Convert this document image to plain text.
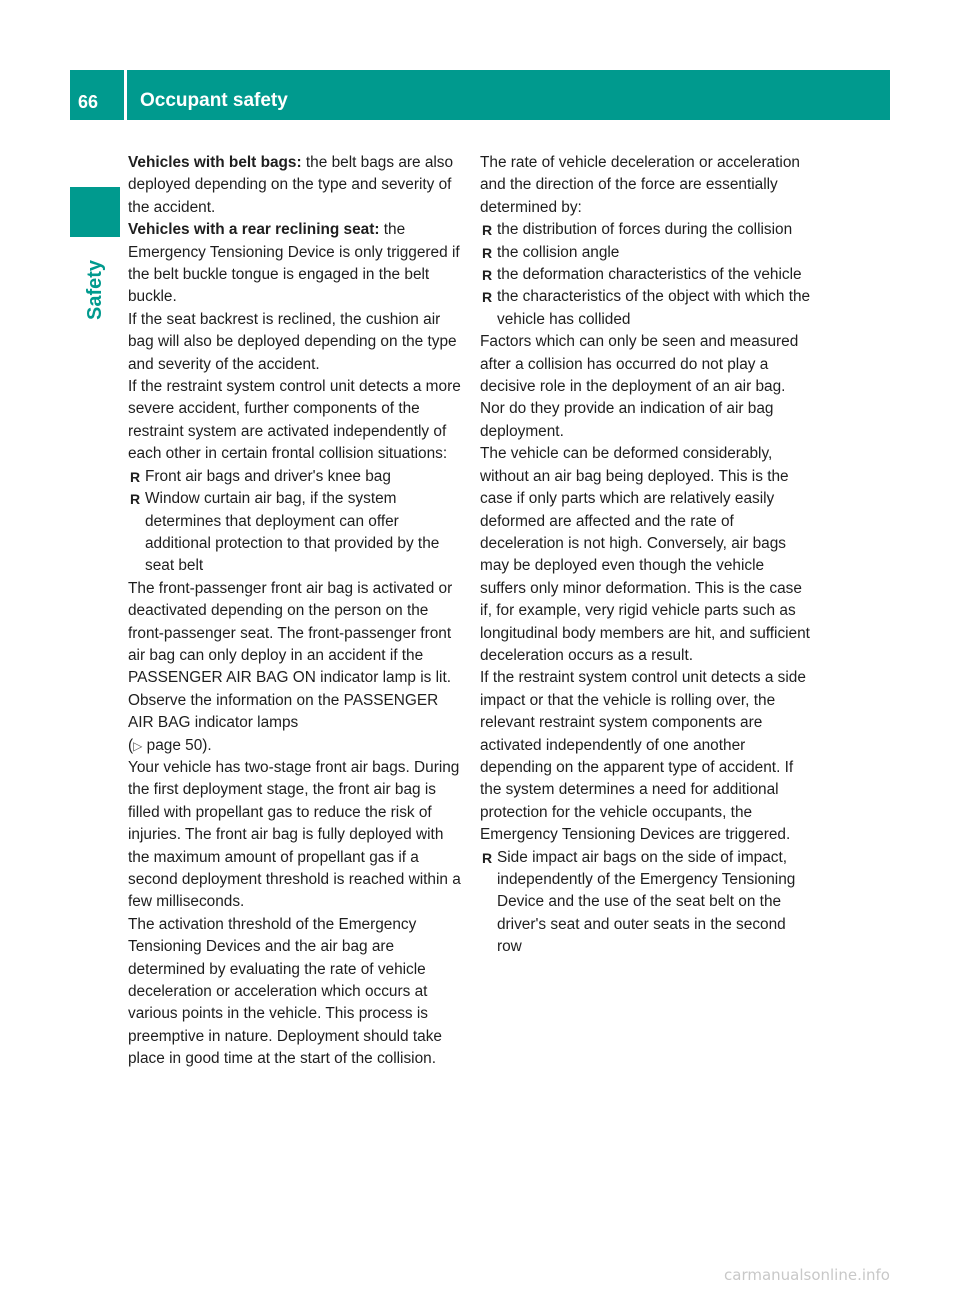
66	Occupant safety
Safety

Vehicles with belt bags: the belt bags are also deployed depending on the type and severity of the accident.

Vehicles with a rear reclining seat: the Emergency Tensioning Device is only triggered if the belt buckle tongue is engaged in the belt buckle.

If the seat backrest is reclined, the cushion air bag will also be deployed depending on the type and severity of the accident.

If the restraint system control unit detects a more severe accident, further components of the restraint system are activated independently of each other in certain frontal collision situations:

R Front air bags and driver's knee bag
R Window curtain air bag, if the system determines that deployment can offer additional protection to that provided by the seat belt

The front-passenger front air bag is activated or deactivated depending on the person on the front-passenger seat. The front-passenger front air bag can only deploy in an accident if the PASSENGER AIR BAG ON indicator lamp is lit. Observe the information on the PASSENGER AIR BAG indicator lamps
(▷ page 50).

Your vehicle has two-stage front air bags. During the first deployment stage, the front air bag is filled with propellant gas to reduce the risk of injuries. The front air bag is fully deployed with the maximum amount of propellant gas if a second deployment threshold is reached within a few milliseconds.

The activation threshold of the Emergency Tensioning Devices and the air bag are determined by evaluating the rate of vehicle deceleration or acceleration which occurs at various points in the vehicle. This process is preemptive in nature. Deployment should take place in good time at the start of the collision.

The rate of vehicle deceleration or acceleration and the direction of the force are essentially determined by:

R the distribution of forces during the collision
R the collision angle
R the deformation characteristics of the vehicle
R the characteristics of the object with which the vehicle has collided

Factors which can only be seen and measured after a collision has occurred do not play a decisive role in the deployment of an air bag. Nor do they provide an indication of air bag deployment.

The vehicle can be deformed considerably, without an air bag being deployed. This is the case if only parts which are relatively easily deformed are affected and the rate of deceleration is not high. Conversely, air bags may be deployed even though the vehicle suffers only minor deformation. This is the case if, for example, very rigid vehicle parts such as longitudinal body members are hit, and sufficient deceleration occurs as a result.

If the restraint system control unit detects a side impact or that the vehicle is rolling over, the relevant restraint system components are activated independently of one another depending on the apparent type of accident. If the system determines a need for additional protection for the vehicle occupants, the Emergency Tensioning Devices are triggered.

R Side impact air bags on the side of impact, independently of the Emergency Tensioning Device and the use of the seat belt on the driver's seat and outer seats in the second row
carmanualsonline.info
